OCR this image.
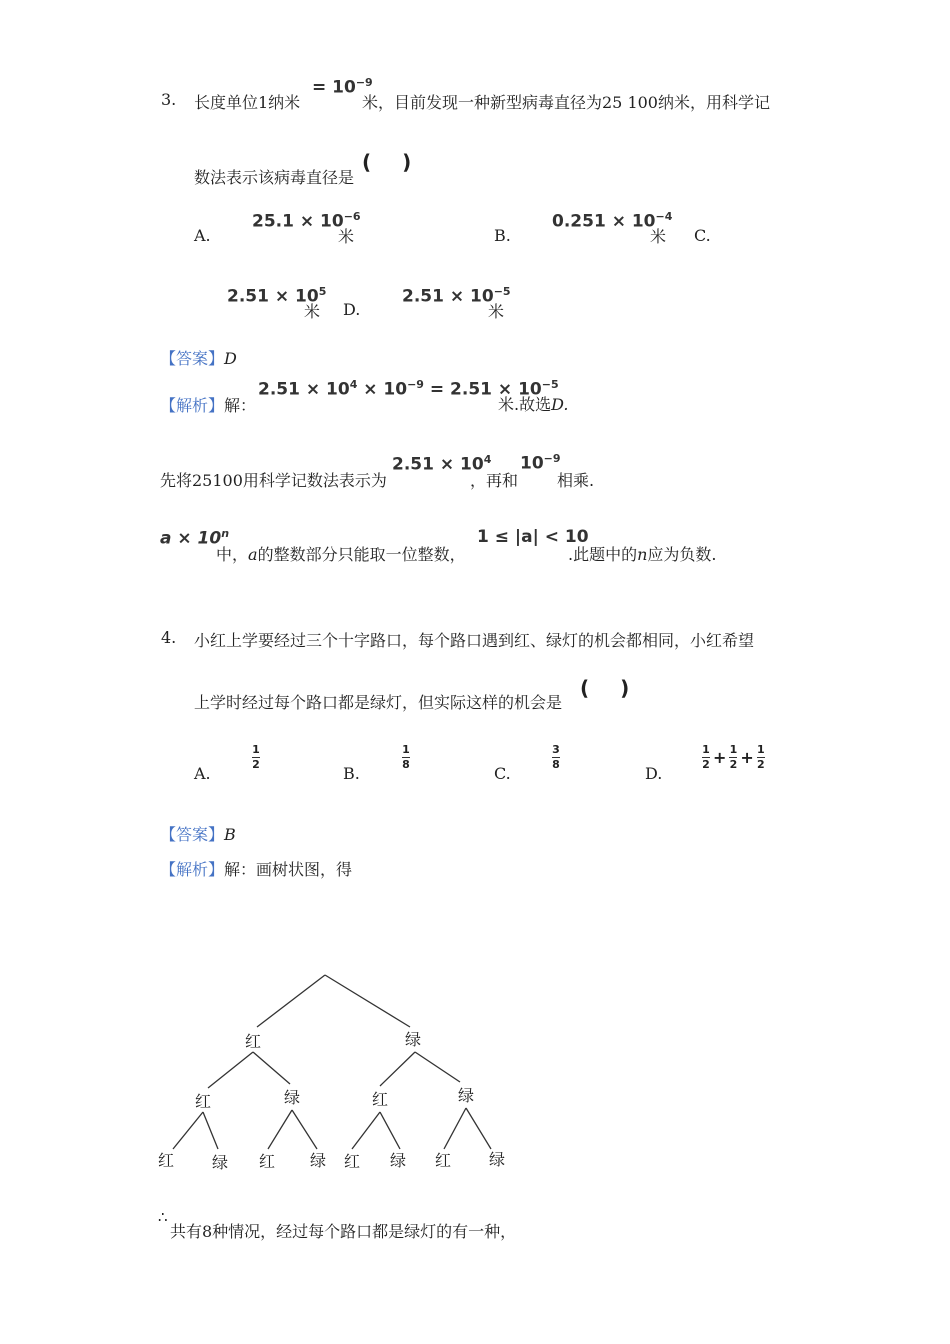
3. 长度单位1纳米
= $10^{-9}$
米，目前发现一种新型病毒直径为25 100纳米，用科学记
数法表示该病毒直径是
( )
A.
$25.1 \times 10^{-6}$
米	B.
$0.251 \times 10^{-4}$
米 C.
$2.51 \times 10^5$
米 D.
$2.51 \times 10^{-5}$
米
【答案】D
【解析】解：
$2.51 \times 10^4 \times 10^{-9} = 2.51 \times 10^{-5}$
米.故选D.
先将25100用科学记数法表示为
$2.51 \times 10^4$
，再和
$10^{-9}$
相乘.
$a \times 10^n$
中，a的整数部分只能取一位整数，
1 ≤ |a| < 10
.此题中的n应为负数.
4. 小红上学要经过三个十字路口，每个路口遇到红、绿灯的机会都相同，小红希望
上学时经过每个路口都是绿灯，但实际这样的机会是
( )
A.
1
2	B.
1
8	C.
3
8	D.
$\frac{1}{2} + \frac{1}{2} + \frac{1}{2}$
【答案】B
【解析】解：画树状图，得
红	绿
红	绿	红	绿
红 绿 红 绿 红 绿 红 绿
∴
共有8种情况，经过每个路口都是绿灯的有一种，
